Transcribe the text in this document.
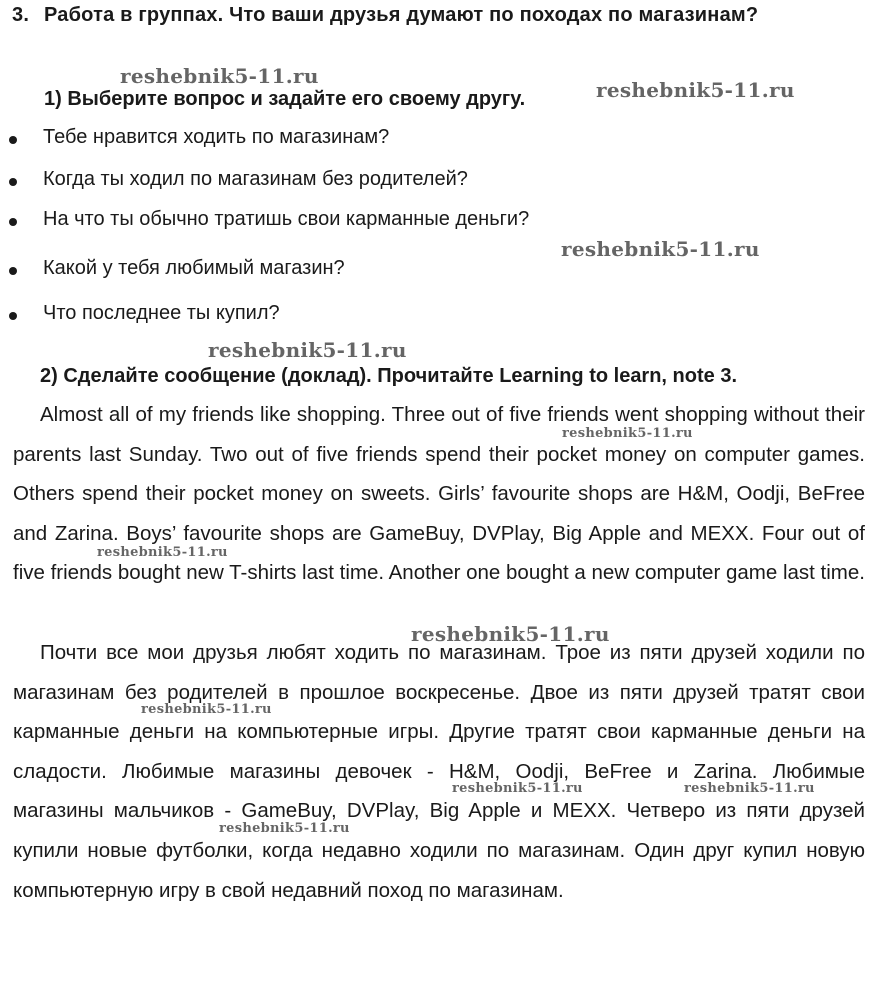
3. Работа в группах. Что ваши друзья думают по походах по магазинам?
1) Выберите вопрос и задайте его своему другу.
Тебе нравится ходить по магазинам?
Когда ты ходил по магазинам без родителей?
На что ты обычно тратишь свои карманные деньги?
Какой у тебя любимый магазин?
Что последнее ты купил?
2) Сделайте сообщение (доклад). Прочитайте Learning to learn, note 3.

Almost all of my friends like shopping. Three out of five friends went shopping without their parents last Sunday. Two out of five friends spend their pocket money on computer games. Others spend their pocket money on sweets. Girls’ favourite shops are H&M, Oodji, BeFree and Zarina. Boys’ favourite shops are GameBuy, DVPlay, Big Apple and MEXX. Four out of five friends bought new T-shirts last time. Another one bought a new computer game last time.

Почти все мои друзья любят ходить по магазинам. Трое из пяти друзей ходили по магазинам без родителей в прошлое воскресенье. Двое из пяти друзей тратят свои карманные деньги на компьютерные игры. Другие тратят свои карманные деньги на сладости. Любимые магазины девочек - H&M, Oodji, BeFree и Zarina. Любимые магазины мальчиков - GameBuy, DVPlay, Big Apple и MEXX. Четверо из пяти друзей купили новые футболки, когда недавно ходили по магазинам. Один друг купил новую компьютерную игру в свой недавний поход по магазинам.

reshebnik5-11.ru
reshebnik5-11.ru
reshebnik5-11.ru
reshebnik5-11.ru
reshebnik5-11.ru
reshebnik5-11.ru
reshebnik5-11.ru
reshebnik5-11.ru
reshebnik5-11.ru	reshebnik5-11.ru
reshebnik5-11.ru
